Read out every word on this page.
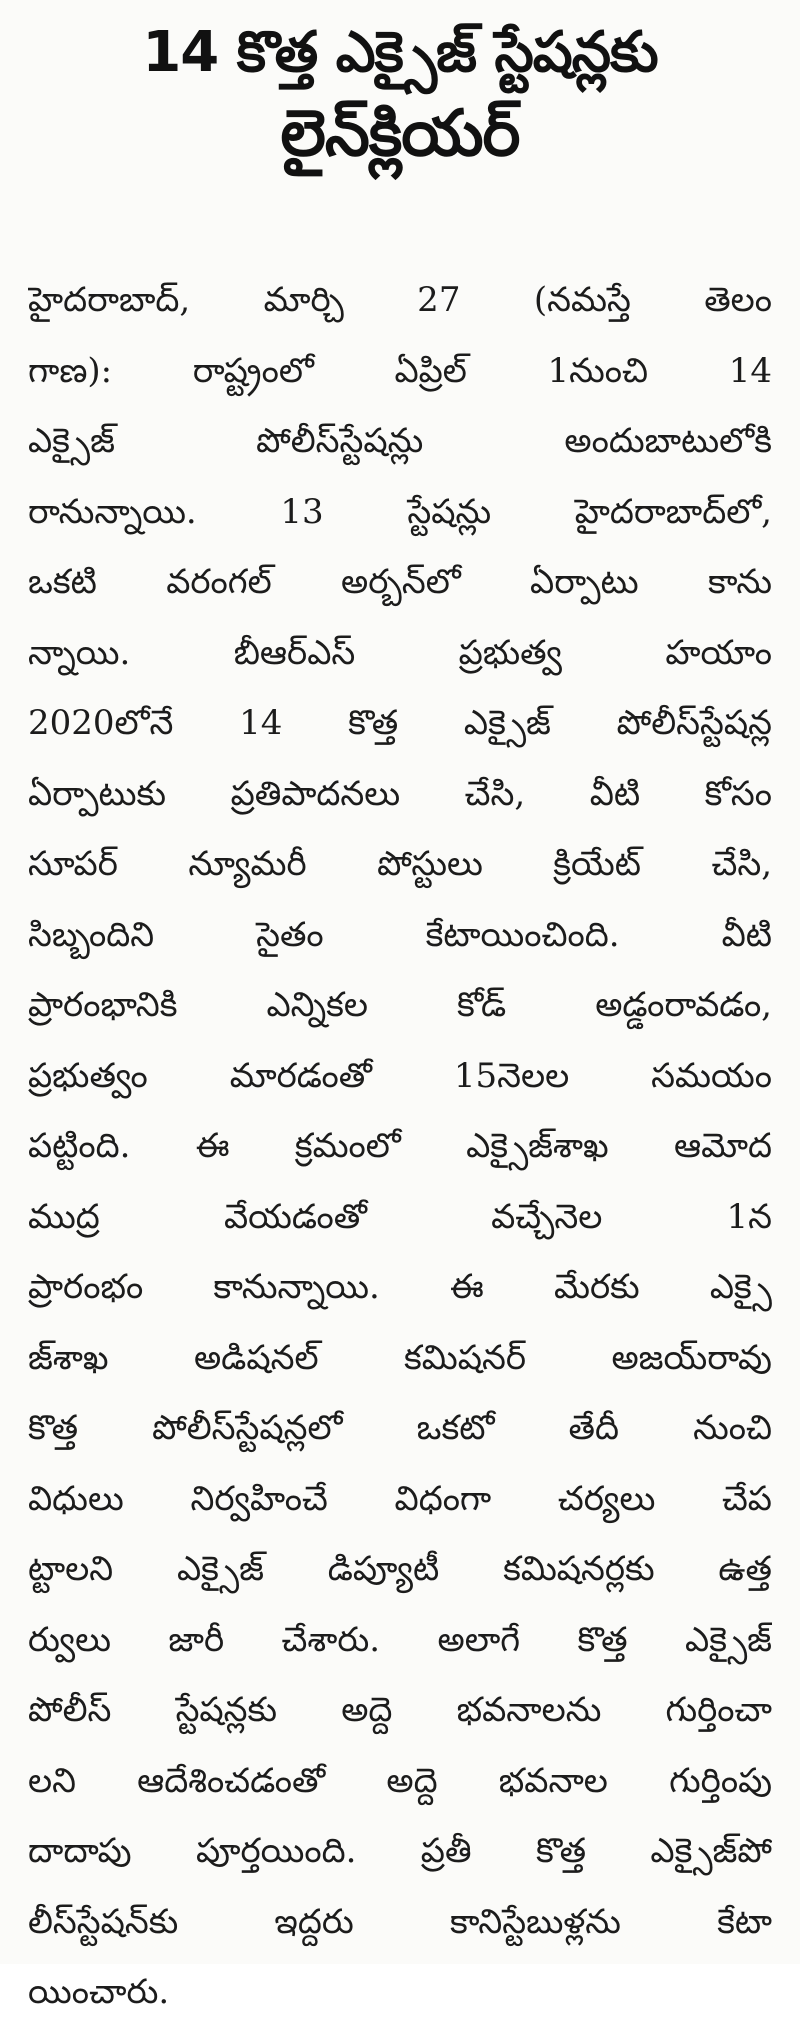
14 కొత్త ఎక్సైజ్ స్టేషన్లకు
లైన్‌క్లియర్
హైదరాబాద్, మార్చి 27 (నమస్తే తెలం
గాణ): రాష్ట్రంలో ఏప్రిల్ 1నుంచి 14
ఎక్సైజ్ పోలీస్‌స్టేషన్లు అందుబాటులోకి
రానున్నాయి. 13 స్టేషన్లు హైదరాబాద్‌లో,
ఒకటి వరంగల్ అర్బన్‌లో ఏర్పాటు కాను
న్నాయి. బీఆర్‌ఎస్ ప్రభుత్వ హయాం
2020లోనే 14 కొత్త ఎక్సైజ్ పోలీస్‌స్టేషన్ల
ఏర్పాటుకు ప్రతిపాదనలు చేసి, వీటి కోసం
సూపర్ న్యూమరీ పోస్టులు క్రియేట్ చేసి,
సిబ్బందిని సైతం కేటాయించింది. వీటి
ప్రారంభానికి ఎన్నికల కోడ్ అడ్డంరావడం,
ప్రభుత్వం మారడంతో 15నెలల సమయం
పట్టింది. ఈ క్రమంలో ఎక్సైజ్‌శాఖ ఆమోద
ముద్ర వేయడంతో వచ్చేనెల 1న
ప్రారంభం కానున్నాయి. ఈ మేరకు ఎక్సై
జ్‌శాఖ అడిషనల్ కమిషనర్ అజయ్‌రావు
కొత్త పోలీస్‌స్టేషన్లలో ఒకటో తేదీ నుంచి
విధులు నిర్వహించే విధంగా చర్యలు చేప
ట్టాలని ఎక్సైజ్ డిప్యూటీ కమిషనర్లకు ఉత్త
ర్వులు జారీ చేశారు. అలాగే కొత్త ఎక్సైజ్
పోలీస్ స్టేషన్లకు అద్దె భవనాలను గుర్తించా
లని ఆదేశించడంతో అద్దె భవనాల గుర్తింపు
దాదాపు పూర్తయింది. ప్రతీ కొత్త ఎక్సైజ్‌పో
లీస్‌స్టేషన్‌కు ఇద్దరు కానిస్టేబుళ్లను కేటా
యించారు.
